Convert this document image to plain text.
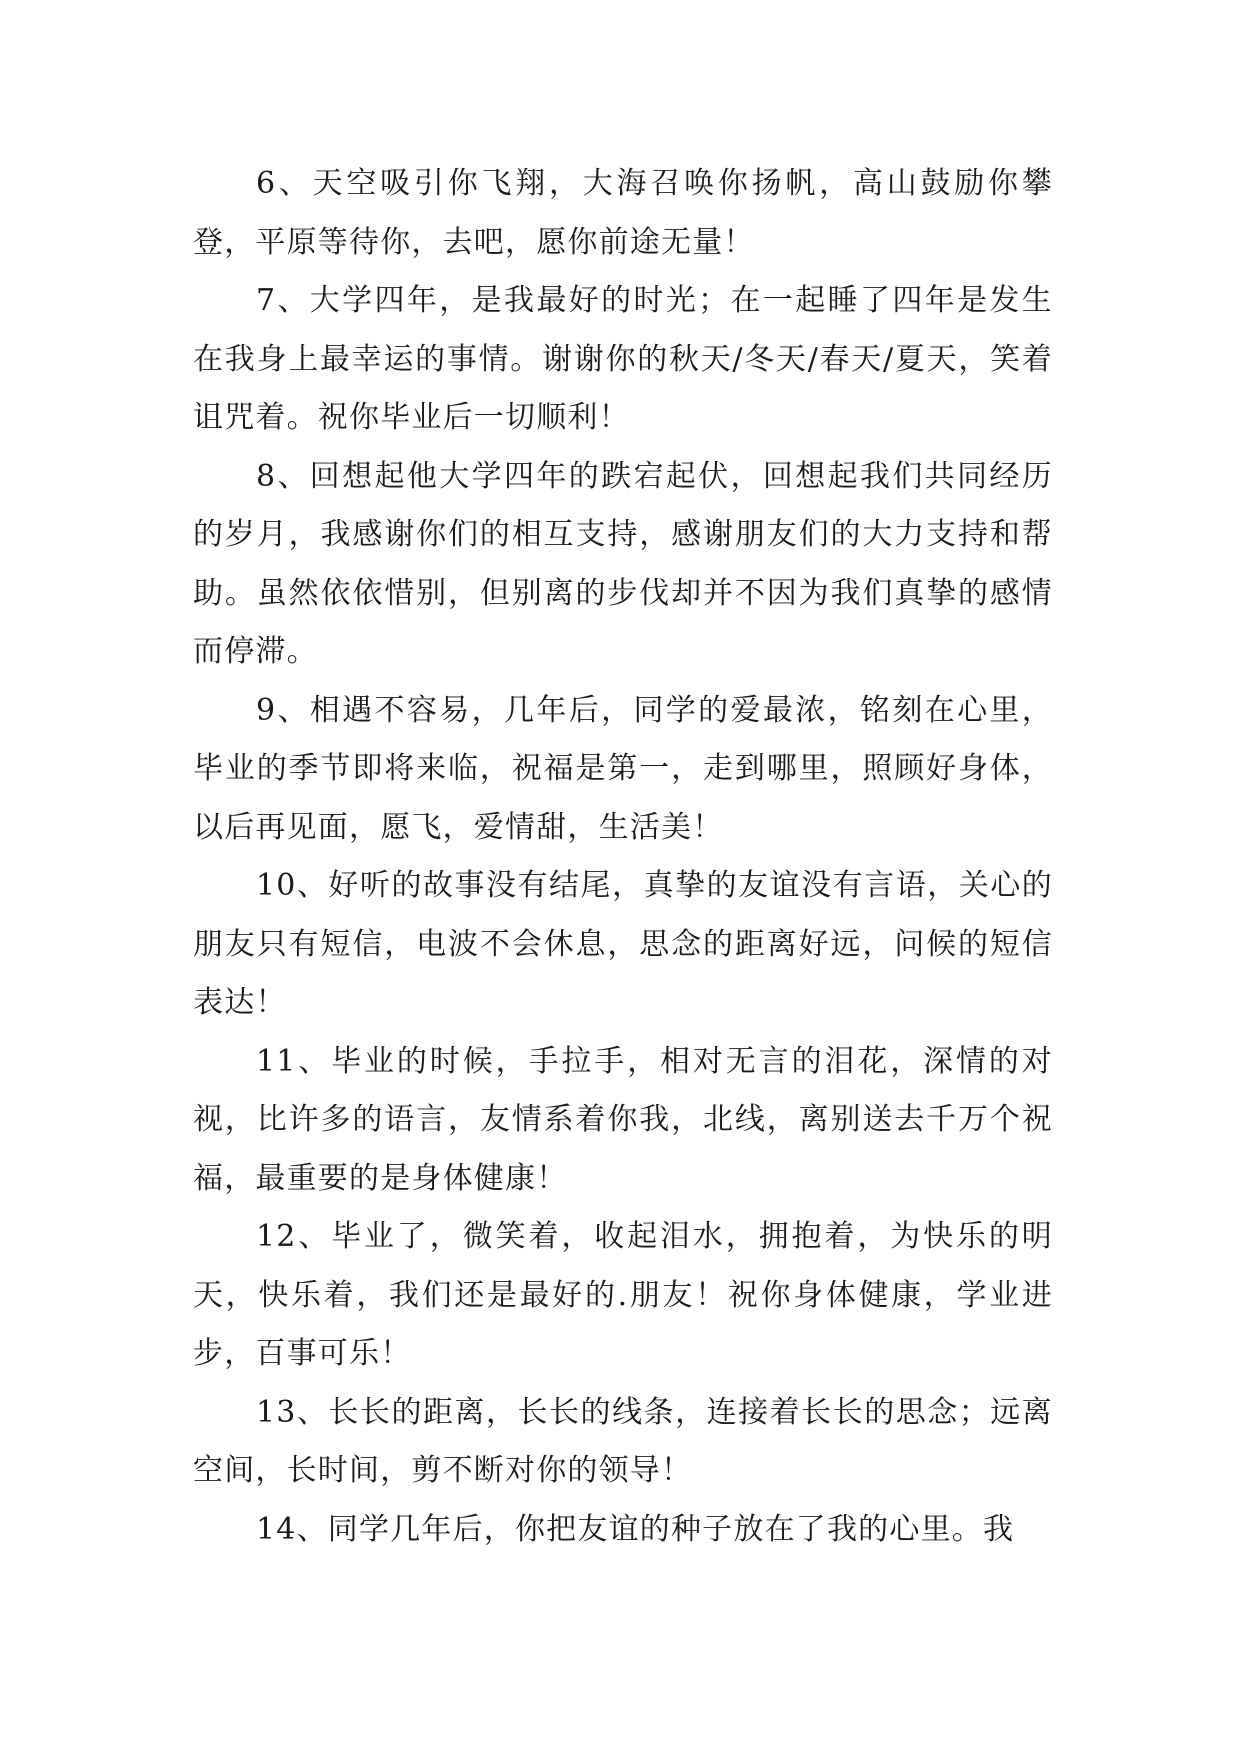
6、天空吸引你飞翔，大海召唤你扬帆，高山鼓励你攀登，平原等待你，去吧，愿你前途无量！

7、大学四年，是我最好的时光；在一起睡了四年是发生在我身上最幸运的事情。谢谢你的秋天/冬天/春天/夏天，笑着诅咒着。祝你毕业后一切顺利！

8、回想起他大学四年的跌宕起伏，回想起我们共同经历的岁月，我感谢你们的相互支持，感谢朋友们的大力支持和帮助。虽然依依惜别，但别离的步伐却并不因为我们真挚的感情而停滞。

9、相遇不容易，几年后，同学的爱最浓，铭刻在心里，毕业的季节即将来临，祝福是第一，走到哪里，照顾好身体，以后再见面，愿飞，爱情甜，生活美！

10、好听的故事没有结尾，真挚的友谊没有言语，关心的朋友只有短信，电波不会休息，思念的距离好远，问候的短信表达！

11、毕业的时候，手拉手，相对无言的泪花，深情的对视，比许多的语言，友情系着你我，北线，离别送去千万个祝福，最重要的是身体健康！

12、毕业了，微笑着，收起泪水，拥抱着，为快乐的明天，快乐着，我们还是最好的.朋友！祝你身体健康，学业进步，百事可乐！

13、长长的距离，长长的线条，连接着长长的思念；远离空间，长时间，剪不断对你的领导！

14、同学几年后，你把友谊的种子放在了我的心里。我
